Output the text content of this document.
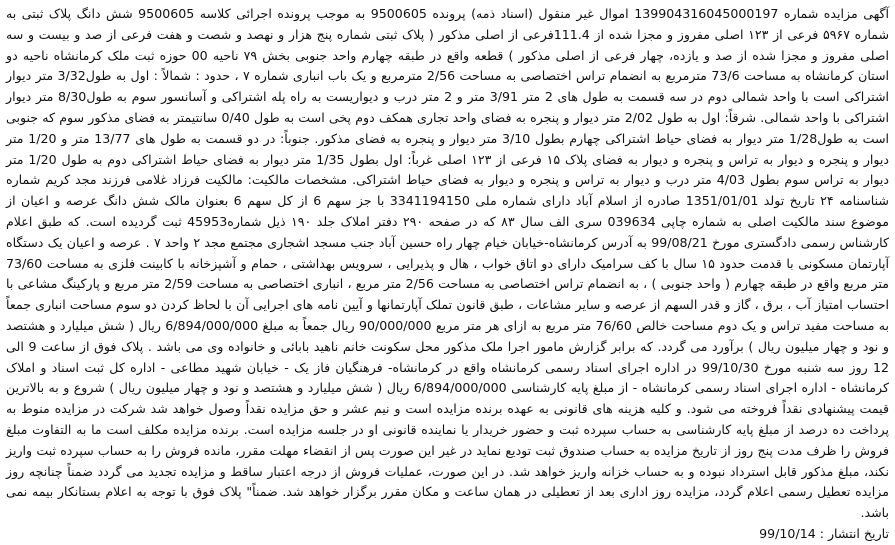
آگهی مزایده شماره 139904316045000197 اموال غیر منقول (اسناد ذمه) پرونده 9500605 به موجب پرونده اجرائی کلاسه 9500605 شش دانگ پلاک ثبتی به شماره ۵۹۶۷ فرعی از ۱۲۳ اصلی مفروز و مجزا شده از 111.4فرعی از اصلی مذکور ( پلاک ثبتی شماره پنج هزار و نهصد و شصت و هفت فرعی از صد و بیست و سه اصلی مفروز و مجزا شده از صد و یازده، چهار فرعی از اصلی مذکور ) قطعه واقع در طبقه چهارم واحد جنوبی بخش ۷۹ ناحیه 00 حوزه ثبت ملک کرمانشاه ناحیه دو استان کرمانشاه به مساحت 73/6 مترمربع به انضمام تراس اختصاصی به مساحت 2/56 مترمربع و یک باب انباری شماره ۷ ، حدود : شمالاً : اول به طول3/32 متر دیوار اشتراکی است با واحد شمالی دوم در سه قسمت به طول های 2 متر 3/91 متر و 2 متر درب و دیواریست به راه پله اشتراکی و آسانسور سوم به طول8/30 متر دیوار اشتراکی با واحد شمالی. شرقاً: اول به طول 2/02 متر دیوار و پنجره به فضای واحد تجاری همکف دوم پخی است به طول 0/40 سانتیمتر به فضای مذکور سوم که جنوبی است به طول1/28 متر دیوار به فضای حیاط اشتراکی چهارم بطول 3/10 متر دیوار و پنجره به فضای مذکور. جنوباً: در دو قسمت به طول های 13/77 متر و 1/20 متر دیوار و پنجره و دیوار به تراس و پنجره و دیوار به فضای پلاک ۱۵ فرعی از ۱۲۳ اصلی غرباً: اول بطول 1/35 متر دیوار به فضای حیاط اشتراکی دوم به طول 1/20 متر دیوار به تراس سوم بطول 4/03 متر درب و دیوار به تراس و پنجره و دیوار به فضای حیاط اشتراکی. مشخصات مالکیت: مالکیت فرزاد غلامی فرزند مجد کریم شماره شناسنامه ۲۴ تاریخ تولد 1351/01/01 صادره از اسلام آباد دارای شماره ملی 3341194150 با جز سهم 6 از کل سهم 6 بعنوان مالک شش دانگ عرصه و اعیان از موضوع سند مالکیت اصلی به شماره چاپی 039634 سری الف سال ۸۳ که در صفحه ۲۹۰ دفتر املاک جلد ۱۹۰ ذیل شماره45953 ثبت گردیده است. که طبق اعلام کارشناس رسمی دادگستری مورخ 99/08/21 به آدرس کرمانشاه-خیابان خیام چهار راه حسین آباد جنب مسجد اشجاری مجتمع مجد ۲ واحد ۷ . عرصه و اعیان یک دستگاه آپارتمان مسکونی با قدمت حدود ۱۵ سال با کف سرامیک دارای دو اتاق خواب ، هال و پذیرایی ، سرویس بهداشتی ، حمام و آشپزخانه با کابینت فلزی به مساحت 73/60 متر مربع واقع در طبقه چهارم ( واحد جنوبی ) ، به انضمام تراس اختصاصی به مساحت 2/56 متر مربع ، انباری اختصاصی به مساحت 2/59 متر مربع و پارکینگ مشاعی با احتساب امتیاز آب ، برق ، گاز و قدر السهم از عرصه و سایر مشاعات ، طبق قانون تملک آپارتمانها و آیین نامه های اجرایی آن با لحاظ کردن دو سوم مساحت انباری جمعاً به مساحت مفید تراس و یک دوم مساحت خالص 76/60 متر مربع به ازای هر متر مربع 90/000/000 ریال جمعاً به مبلغ 6/894/000/000 ریال ( شش میلیارد و هشتصد و نود و چهار میلیون ریال ) برآورد می گردد. که برابر گزارش مامور اجرا ملک مذکور محل سکونت خانم ناهید بابائی و خانواده وی می باشد . پلاک فوق از ساعت 9 الی 12 روز سه شنبه مورخ 99/10/30 در اداره اجرای اسناد رسمی کرمانشاه واقع در کرمانشاه- فرهنگیان فاز یک - خیابان شهید مطاعی - اداره کل ثبت اسناد و املاک کرمانشاه - اداره اجرای اسناد رسمی کرمانشاه - از مبلغ پایه کارشناسی 6/894/000/000 ریال ( شش میلیارد و هشتصد و نود و چهار میلیون ریال ) شروع و به بالاترین قیمت پیشنهادی نقداً فروخته می شود. و کلیه هزینه های قانونی به عهده برنده مزایده است و نیم عشر و حق مزایده نقداً وصول خواهد شد شرکت در مزایده منوط به پرداخت ده درصد از مبلغ پایه کارشناسی به حساب سپرده ثبت و حضور خریدار یا نماینده قانونی او در جلسه مزایده است. برنده مزایده مکلف است ما به التفاوت مبلغ فروش را ظرف مدت پنج روز از تاریخ مزایده به حساب صندوق ثبت تودیع نماید در غیر این صورت پس از انقضاء مهلت مقرر، مانده فروش را به حساب سپرده ثبت واریز نکند، مبلغ مذکور قابل استرداد نبوده و به حساب خزانه واریز خواهد شد. در این صورت، عملیات فروش از درجه اعتبار ساقط و مزایده تجدید می گردد ضمناً چنانچه روز مزایده تعطیل رسمی اعلام گردد، مزایده روز اداری بعد از تعطیلی در همان ساعت و مکان مقرر برگزار خواهد شد. ضمناً" پلاک فوق با توجه به اعلام بستانکار بیمه نمی باشد.

تاریخ انتشار : 99/10/14
